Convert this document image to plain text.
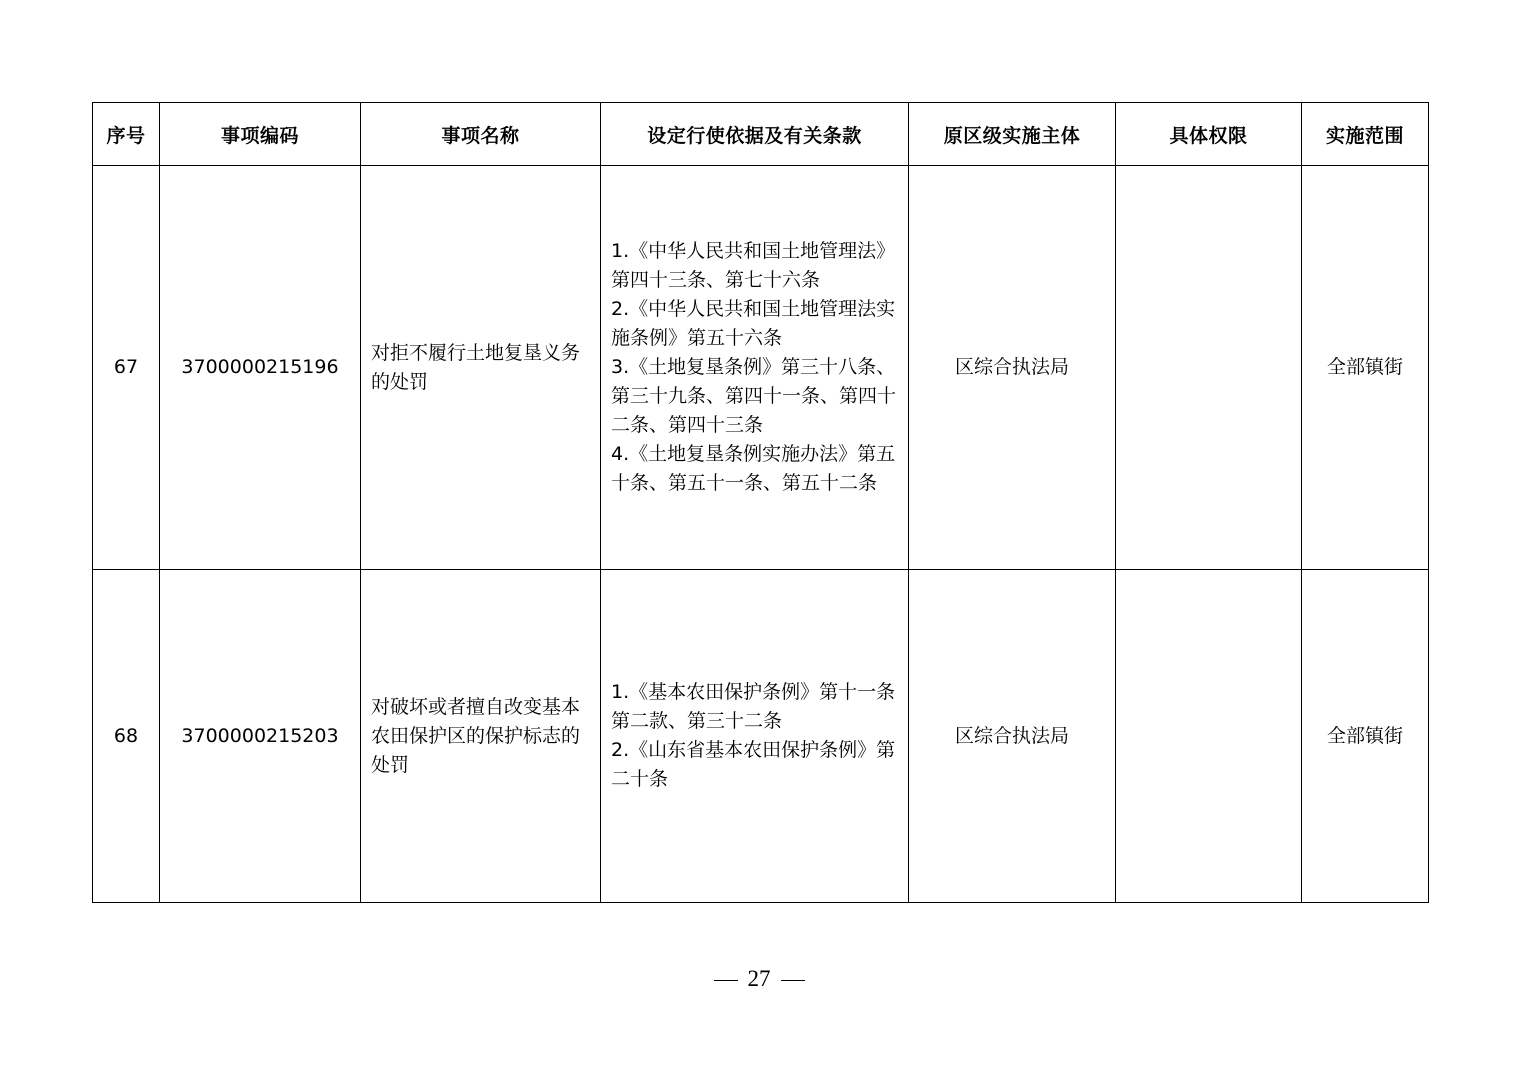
序号	事项编码	事项名称	设定行使依据及有关条款	原区级实施主体	具体权限	实施范围
67	3700000215196	对拒不履行土地复垦义务的处罚	1.《中华人民共和国土地管理法》第四十三条、第七十六条
2.《中华人民共和国土地管理法实施条例》第五十六条
3.《土地复垦条例》第三十八条、第三十九条、第四十一条、第四十二条、第四十三条
4.《土地复垦条例实施办法》第五十条、第五十一条、第五十二条	区综合执法局		全部镇街
68	3700000215203	对破坏或者擅自改变基本农田保护区的保护标志的处罚	1.《基本农田保护条例》第十一条第二款、第三十二条
2.《山东省基本农田保护条例》第二十条	区综合执法局		全部镇街
27
